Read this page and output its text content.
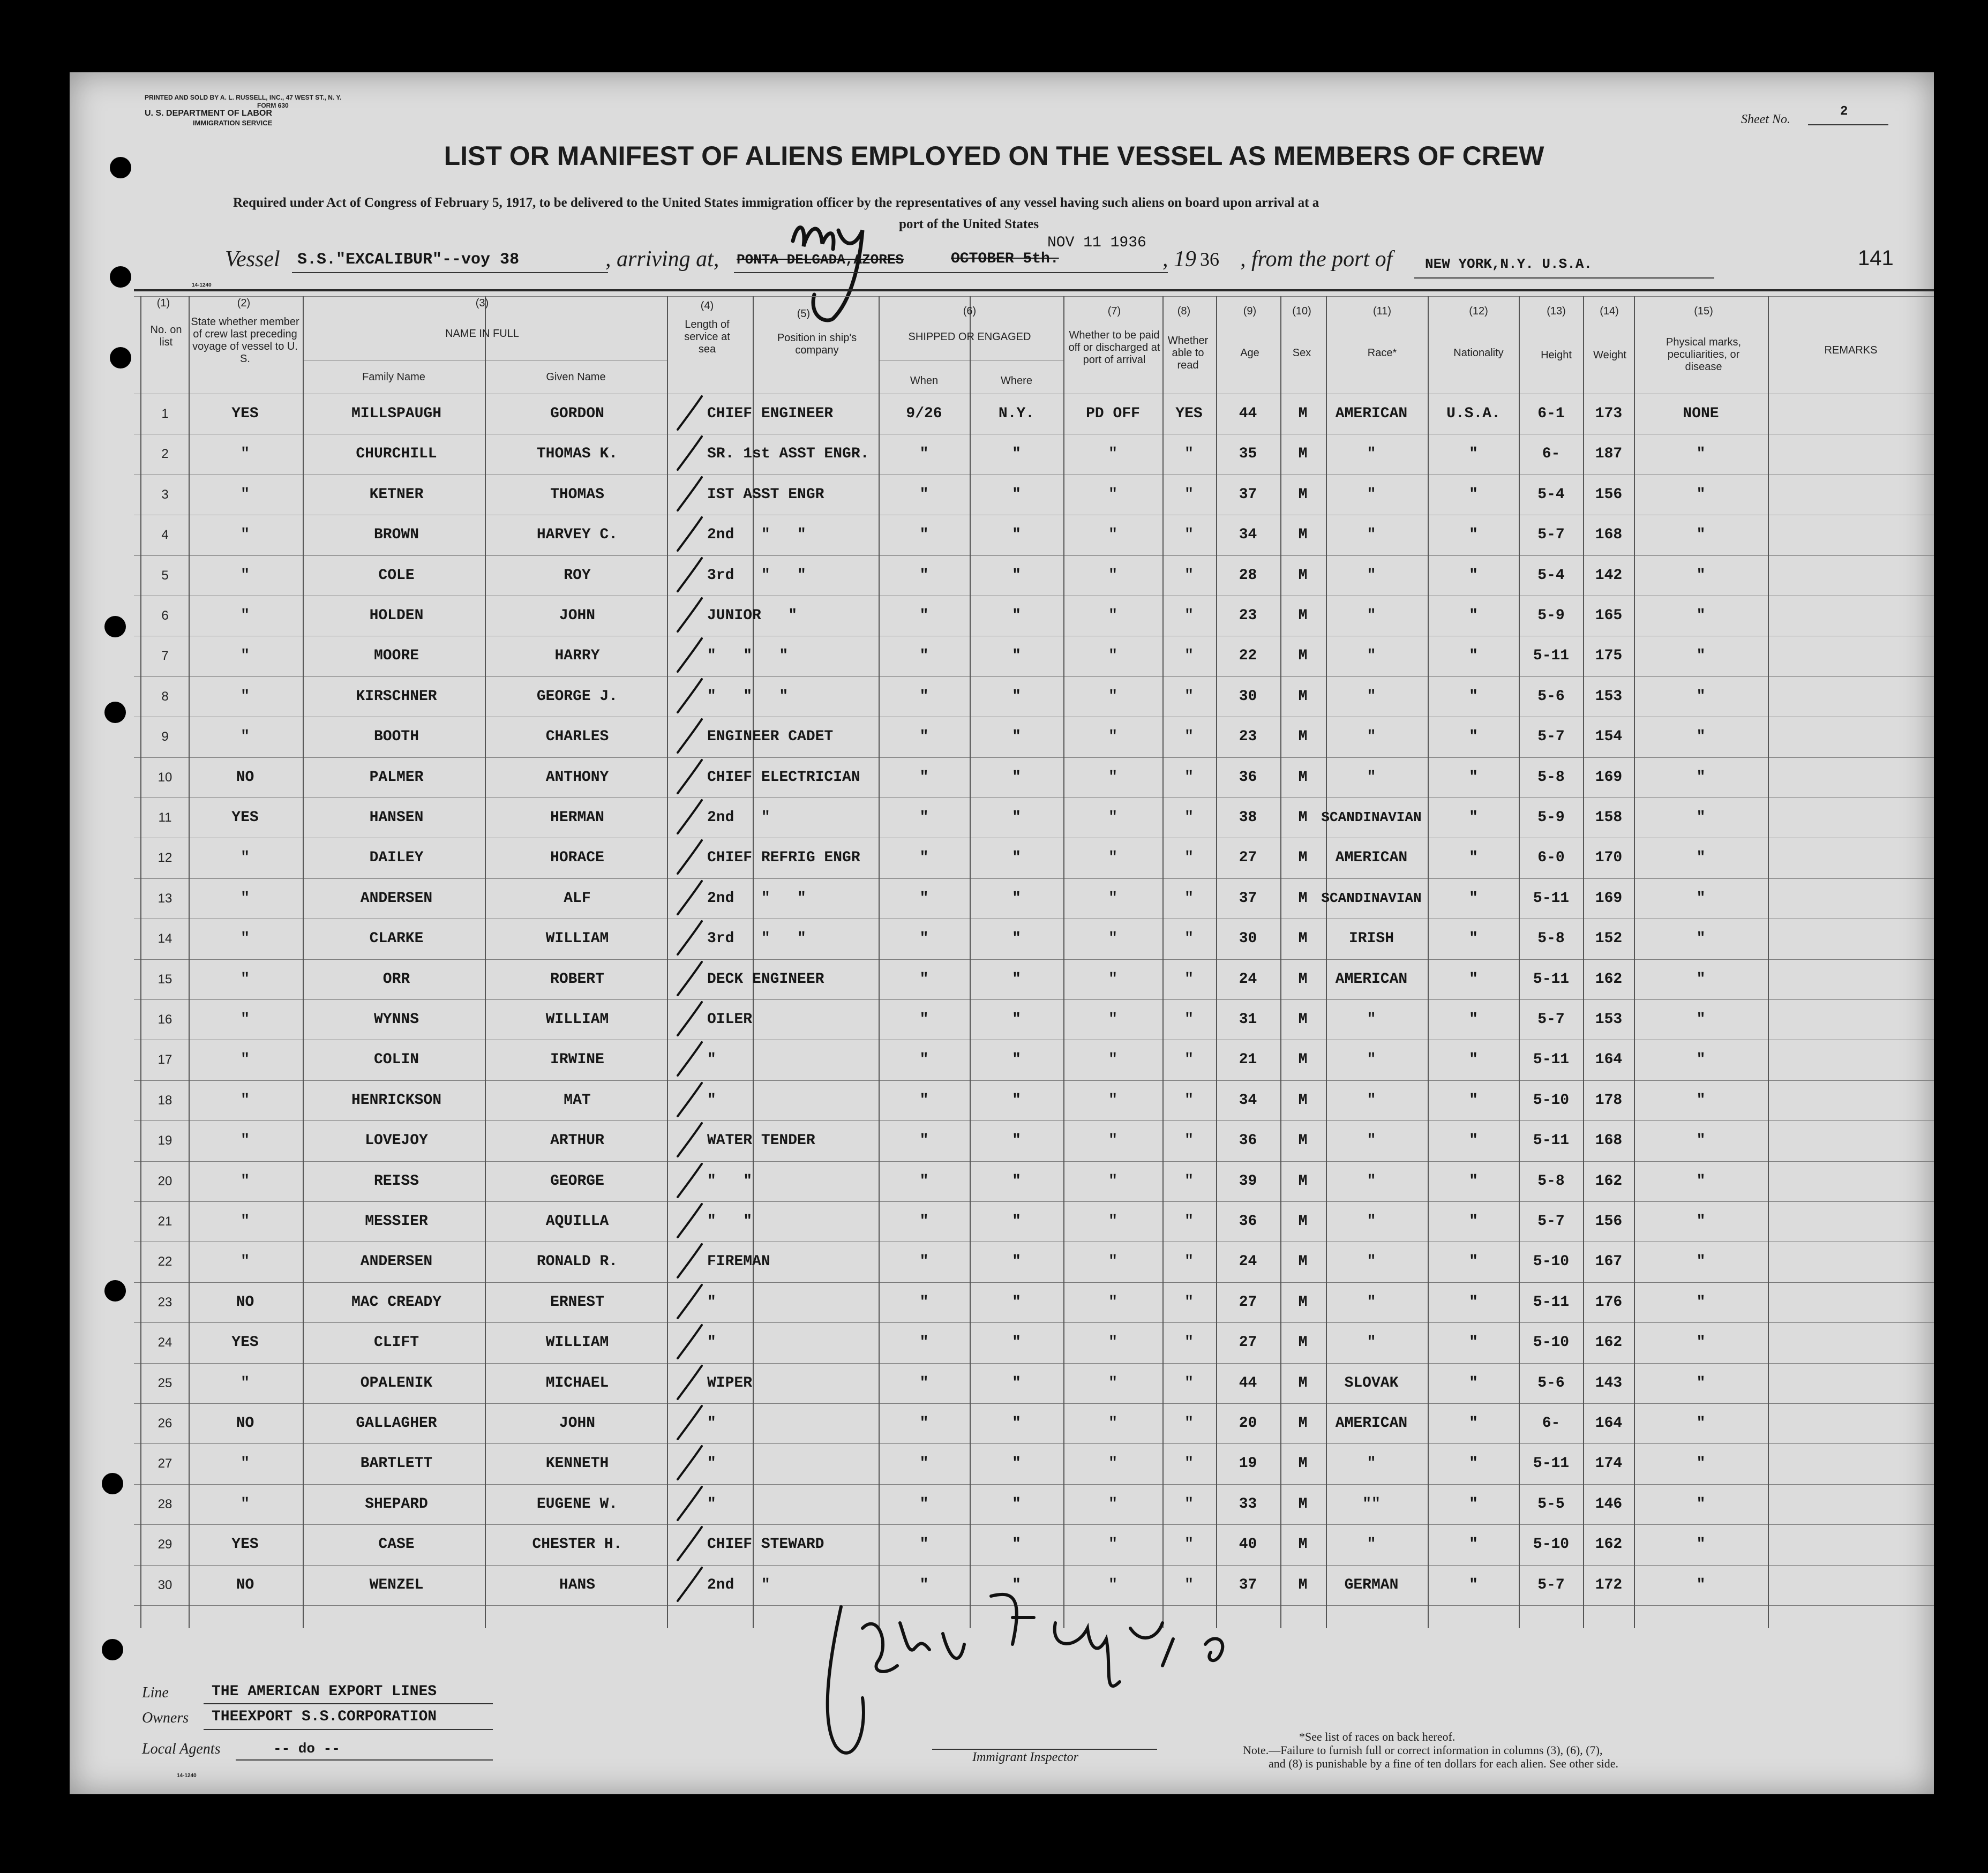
PRINTED AND SOLD BY A. L. RUSSELL, INC., 47 WEST ST., N. Y.
FORM 630
U. S. DEPARTMENT OF LABOR
IMMIGRATION SERVICE	Sheet No.
2
LIST OR MANIFEST OF ALIENS EMPLOYED ON THE VESSEL AS MEMBERS OF CREW
Required under Act of Congress of February 5, 1917, to be delivered to the United States immigration officer by the representatives of any vessel having such aliens on board upon arrival at a
port of the United States
NOV 11 1936
Vessel S.S."EXCALIBUR"--voy 38	, arriving at, PONTA DELGADA,AZORES	OCTOBER 5th.	, 19 36 , from the port of NEW YORK,N.Y. U.S.A.	141
14-1240
(1)
No. on list
(2)
State whether member of crew last preceding voyage of vessel to U. S.
(3)
NAME IN FULL
Family Name	Given Name
(4)
Length of service at sea
(5)
Position in ship's company
(6)
SHIPPED OR ENGAGED
When	Where
(7)
Whether to be paid off or discharged at port of arrival
(8)
Whether able to read
(9)
Age
(10)
Sex
(11)
Race*
(12)
Nationality
(13)
Height
(14)
Weight
(15)
Physical marks, peculiarities, or disease
REMARKS
1	YES	MILLSPAUGH	GORDON	CHIEF ENGINEER	9/26	N.Y.	PD OFF	YES	44	M	AMERICAN	U.S.A.	6-1	173	NONE
2	"	CHURCHILL	THOMAS K.	SR. 1st ASST ENGR.	"	"	"	"	35	M	"	"	6-	187	"
3	"	KETNER	THOMAS	IST ASST ENGR	"	"	"	"	37	M	"	"	5-4	156	"
4	"	BROWN	HARVEY C.	2nd   "   "	"	"	"	"	34	M	"	"	5-7	168	"
5	"	COLE	ROY	3rd   "   "	"	"	"	"	28	M	"	"	5-4	142	"
6	"	HOLDEN	JOHN	JUNIOR   "	"	"	"	"	23	M	"	"	5-9	165	"
7	"	MOORE	HARRY	"   "   "	"	"	"	"	22	M	"	"	5-11	175	"
8	"	KIRSCHNER	GEORGE J.	"   "   "	"	"	"	"	30	M	"	"	5-6	153	"
9	"	BOOTH	CHARLES	ENGINEER CADET	"	"	"	"	23	M	"	"	5-7	154	"
10	NO	PALMER	ANTHONY	CHIEF ELECTRICIAN	"	"	"	"	36	M	"	"	5-8	169	"
11	YES	HANSEN	HERMAN	2nd   "	"	"	"	"	38	M SCANDINAVIAN	"	5-9	158	"
12	"	DAILEY	HORACE	CHIEF REFRIG ENGR	"	"	"	"	27	M	AMERICAN	"	6-0	170	"
13	"	ANDERSEN	ALF	2nd   "   "	"	"	"	"	37	M SCANDINAVIAN	"	5-11	169	"
14	"	CLARKE	WILLIAM	3rd   "   "	"	"	"	"	30	M	IRISH	"	5-8	152	"
15	"	ORR	ROBERT	DECK ENGINEER	"	"	"	"	24	M	AMERICAN	"	5-11	162	"
16	"	WYNNS	WILLIAM	OILER	"	"	"	"	31	M	"	"	5-7	153	"
17	"	COLIN	IRWINE	"	"	"	"	"	21	M	"	"	5-11	164	"
18	"	HENRICKSON	MAT	"	"	"	"	"	34	M	"	"	5-10	178	"
19	"	LOVEJOY	ARTHUR	WATER TENDER	"	"	"	"	36	M	"	"	5-11	168	"
20	"	REISS	GEORGE	"   "	"	"	"	"	39	M	"	"	5-8	162	"
21	"	MESSIER	AQUILLA	"   "	"	"	"	"	36	M	"	"	5-7	156	"
22	"	ANDERSEN	RONALD R.	FIREMAN	"	"	"	"	24	M	"	"	5-10	167	"
23	NO	MAC CREADY	ERNEST	"	"	"	"	"	27	M	"	"	5-11	176	"
24	YES	CLIFT	WILLIAM	"	"	"	"	"	27	M	"	"	5-10	162	"
25	"	OPALENIK	MICHAEL	WIPER	"	"	"	"	44	M	SLOVAK	"	5-6	143	"
26	NO	GALLAGHER	JOHN	"	"	"	"	"	20	M	AMERICAN	"	6-	164	"
27	"	BARTLETT	KENNETH	"	"	"	"	"	19	M	"	"	5-11	174	"
28	"	SHEPARD	EUGENE W.	"	"	"	"	"	33	M	""	"	5-5	146	"
29	YES	CASE	CHESTER H.	CHIEF STEWARD	"	"	"	"	40	M	"	"	5-10	162	"
30	NO	WENZEL	HANS	2nd   "	"	"	"	"	37	M	GERMAN	"	5-7	172	"
Line	THE AMERICAN EXPORT LINES
Owners THEEXPORT S.S.CORPORATION
Local Agents	-- do --
Immigrant Inspector
*See list of races on back hereof.
Note.—Failure to furnish full or correct information in columns (3), (6), (7),
and (8) is punishable by a fine of ten dollars for each alien. See other side.
14-1240
